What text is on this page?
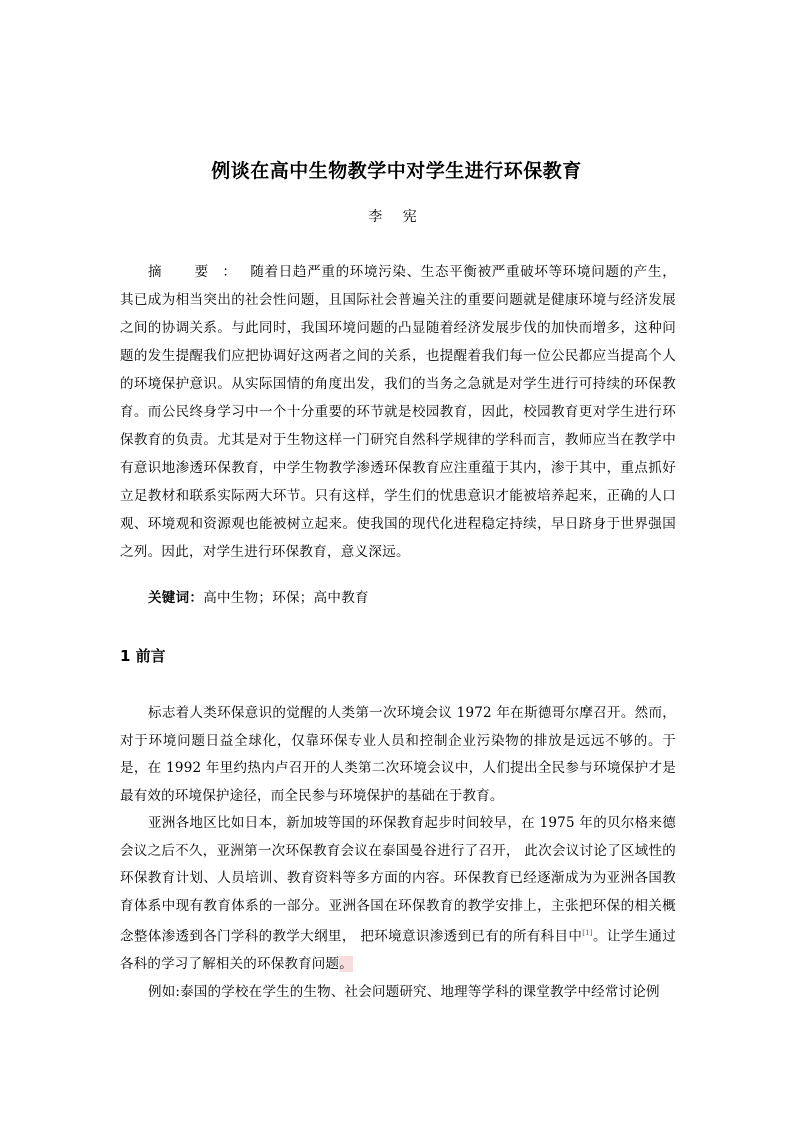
例谈在高中生物教学中对学生进行环保教育
李 宪

摘 要：随着日趋严重的环境污染、生态平衡被严重破坏等环境问题的产生，其已成为相当突出的社会性问题，且国际社会普遍关注的重要问题就是健康环境与经济发展之间的协调关系。与此同时，我国环境问题的凸显随着经济发展步伐的加快而增多，这种问题的发生提醒我们应把协调好这两者之间的关系，也提醒着我们每一位公民都应当提高个人的环境保护意识。从实际国情的角度出发，我们的当务之急就是对学生进行可持续的环保教育。而公民终身学习中一个十分重要的环节就是校园教育，因此，校园教育更对学生进行环保教育的负责。尤其是对于生物这样一门研究自然科学规律的学科而言，教师应当在教学中有意识地渗透环保教育，中学生物教学渗透环保教育应注重蕴于其内，渗于其中，重点抓好立足教材和联系实际两大环节。只有这样，学生们的忧患意识才能被培养起来，正确的人口观、环境观和资源观也能被树立起来。使我国的现代化进程稳定持续，早日跻身于世界强国之列。因此，对学生进行环保教育，意义深远。

关键词：高中生物；环保；高中教育

1 前言

标志着人类环保意识的觉醒的人类第一次环境会议 1972 年在斯德哥尔摩召开。然而，对于环境问题日益全球化，仅靠环保专业人员和控制企业污染物的排放是远远不够的。于是，在 1992 年里约热内卢召开的人类第二次环境会议中，人们提出全民参与环境保护才是最有效的环境保护途径，而全民参与环境保护的基础在于教育。

亚洲各地区比如日本，新加坡等国的环保教育起步时间较早，在 1975 年的贝尔格来德会议之后不久，亚洲第一次环保教育会议在泰国曼谷进行了召开， 此次会议讨论了区域性的环保教育计划、人员培训、教育资料等多方面的内容。环保教育已经逐渐成为为亚洲各国教育体系中现有教育体系的一部分。亚洲各国在环保教育的教学安排上，主张把环保的相关概念整体渗透到各门学科的教学大纲里， 把环境意识渗透到已有的所有科目中[1]。让学生通过各科的学习了解相关的环保教育问题。

例如:泰国的学校在学生的生物、社会问题研究、地理等学科的课堂教学中经常讨论例
